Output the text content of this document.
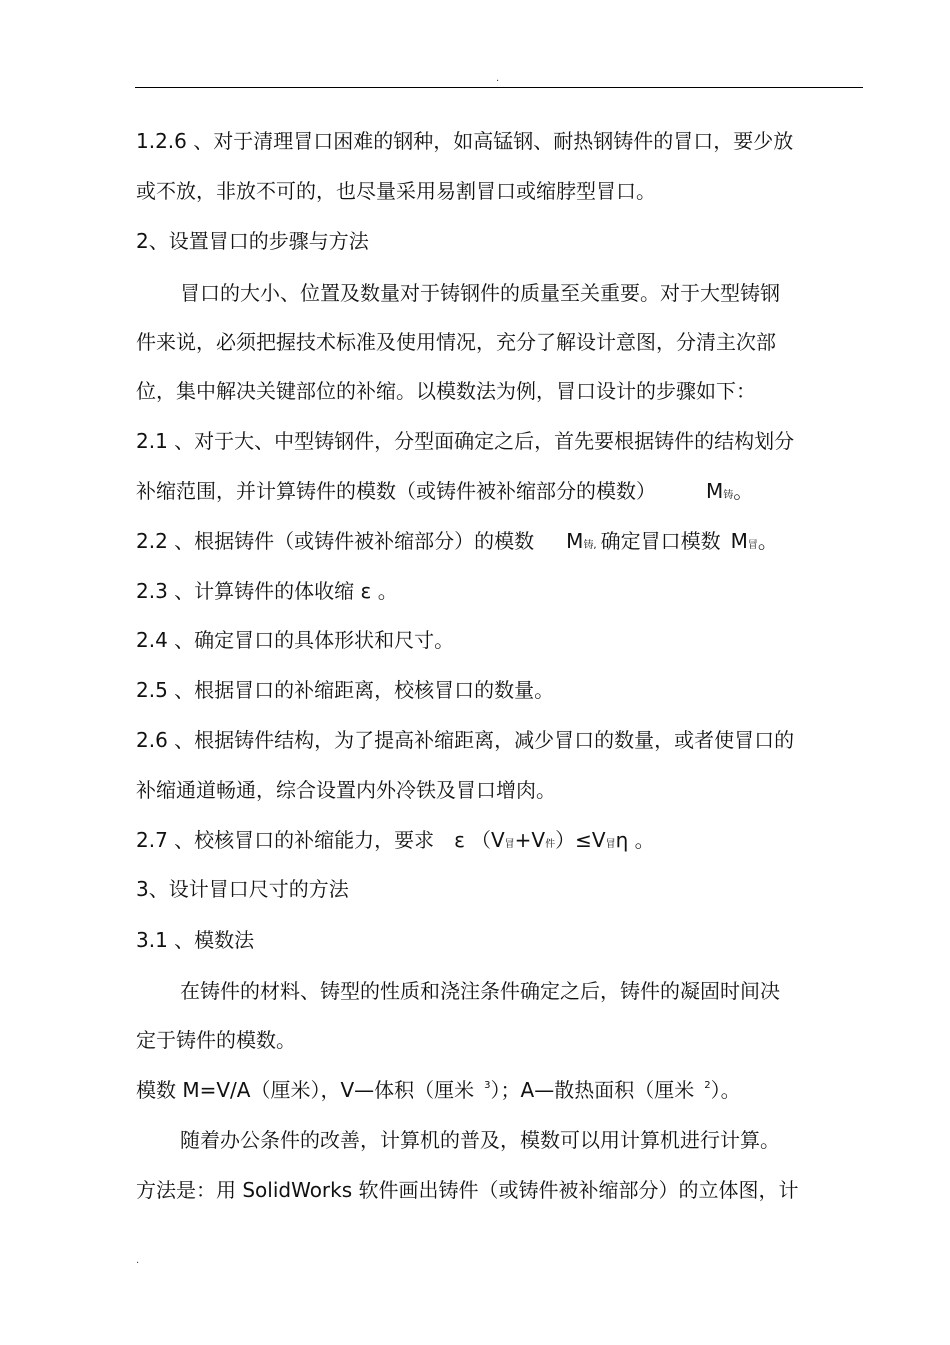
.
1.2.6 、对于清理冒口困难的钢种，如高锰钢、耐热钢铸件的冒口，要少放
或不放，非放不可的，也尽量采用易割冒口或缩脖型冒口。
2、设置冒口的步骤与方法
冒口的大小、位置及数量对于铸钢件的质量至关重要。对于大型铸钢
件来说，必须把握技术标准及使用情况，充分了解设计意图，分清主次部
位，集中解决关键部位的补缩。以模数法为例，冒口设计的步骤如下：
2.1 、对于大、中型铸钢件，分型面确定之后，首先要根据铸件的结构划分
补缩范围，并计算铸件的模数（或铸件被补缩部分的模数）	M铸。
2.2 、根据铸件（或铸件被补缩部分）的模数 M铸, 确定冒口模数 M冒。
2.3 、计算铸件的体收缩 ε 。
2.4 、确定冒口的具体形状和尺寸。
2.5 、根据冒口的补缩距离，校核冒口的数量。
2.6 、根据铸件结构，为了提高补缩距离，减少冒口的数量，或者使冒口的
补缩通道畅通，综合设置内外冷铁及冒口增肉。
2.7 、校核冒口的补缩能力，要求 ε （V冒+V件）≤V冒η 。
3、设计冒口尺寸的方法
3.1 、模数法
在铸件的材料、铸型的性质和浇注条件确定之后，铸件的凝固时间决
定于铸件的模数。
模数 M=V/A（厘米），V—体积（厘米 $^3$）；A—散热面积（厘米 $^2$）。
随着办公条件的改善，计算机的普及，模数可以用计算机进行计算。
方法是：用 SolidWorks 软件画出铸件（或铸件被补缩部分）的立体图，计
.
